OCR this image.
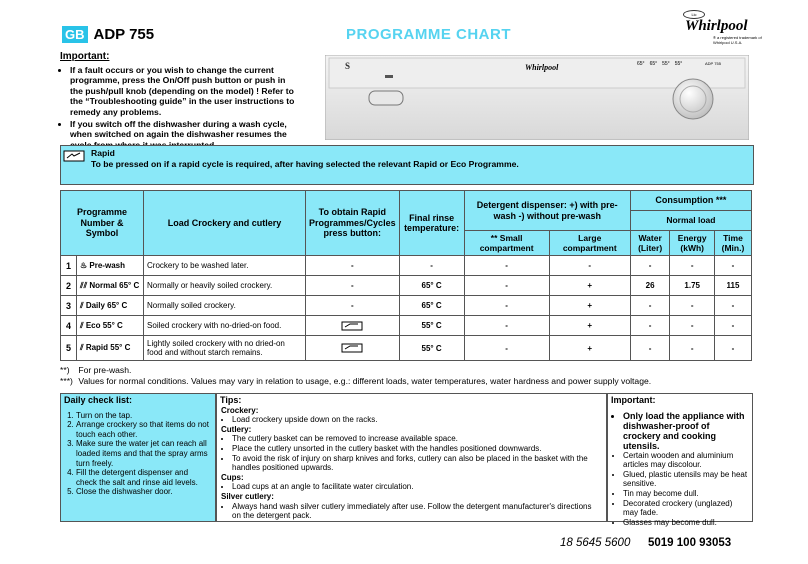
GB ADP 755	PROGRAMME CHART
Lic
Whirlpool
® a registered trademark of Whirlpool U.S.A.
Important:
• If a fault occurs or you wish to change the current programme, press the On/Off push button or push in the push/pull knob (depending on the model) ! Refer to the “Troubleshooting guide” in the user instructions to remedy any problems.
• If you switch off the dishwasher during a wash cycle, when switched on again the dishwasher resumes the
S	Whirlpool	65° 65° 55° 55°	ADP 755
Rapid
To be pressed on if a rapid cycle is required, after having selected the relevant Rapid or Eco Programme.
Programme Number & Symbol		Load Crockery and cutlery	To obtain Rapid Programmes/Cycles press button:	Final rinse temperature:	Detergent dispenser: +) with pre-wash -) without pre-wash		Consumption ***		
							Normal load		
					** Small compartment	Large compartment	Water (Liter)	Energy (kWh)	Time (Min.)
1	♨ Pre-wash	Crockery to be washed later.	-	-	-	-	-	-	-
2	⫽⫽ Normal 65° C	Normally or heavily soiled crockery.	-	65° C	-	+	26	1.75	115
3	⫽ Daily 65° C	Normally soiled crockery.	-	65° C	-	+	-	-	-
4	⫽ Eco 55° C	Soiled crockery with no-dried-on food.		55° C	-	+	-	-	-
5	⫽ Rapid 55° C	Lightly soiled crockery with no dried-on food and without starch remains.		55° C	-	+	-	-	-
**) For pre-wash.
***) Values for normal conditions. Values may vary in relation to usage, e.g.: different loads, water temperatures, water hardness and power supply voltage.
Daily check list:
1. Turn on the tap.
2. Arrange crockery so that items do not touch each other.
3. Make sure the water jet can reach all loaded items and that the spray arms turn freely.
4. Fill the detergent dispenser and check the salt and rinse aid levels.
5. Close the dishwasher door.
Tips:
Crockery:
• Load crockery upside down on the racks.
Cutlery:
• The cutlery basket can be removed to increase available space.
• Place the cutlery unsorted in the cutlery basket with the handles positioned downwards.
• To avoid the risk of injury on sharp knives and forks, cutlery can also be placed in the basket with the handles positioned upwards.
Cups:
• Load cups at an angle to facilitate water circulation.
Silver cutlery:
• Always hand wash silver cutlery immediately after use. Follow the detergent manufacturer's directions on the detergent pack.
Important:
• Only load the appliance with dishwasher-proof of crockery and cooking utensils.
• Certain wooden and aluminium articles may discolour.
• Glued, plastic utensils may be heat sensitive.
• Tin may become dull.
• Decorated crockery (unglazed) may fade.
• Glasses may become dull.
18 5645 5600 5019 100 93053
